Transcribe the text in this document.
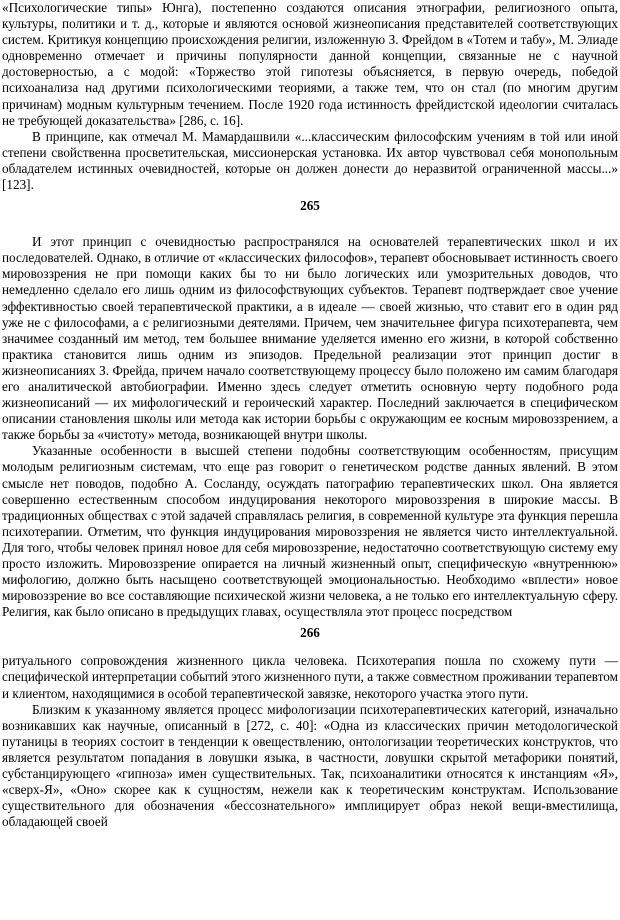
«Психологические типы» Юнга), постепенно создаются описания этнографии, религиозного опыта, культуры, политики и т. д., которые и являются основой жизнеописания представителей соответствующих систем. Критикуя концепцию происхождения религии, изложенную З. Фрейдом в «Тотем и табу», М. Элиаде одновременно отмечает и причины популярности данной концепции, связанные не с научной достоверностью, а с модой: «Торжество этой гипотезы объясняется, в первую очередь, победой психоанализа над другими психологическими теориями, а также тем, что он стал (по многим другим причинам) модным культурным течением. После 1920 года истинность фрейдистской идеологии считалась не требующей доказательства» [286, с. 16].

В принципе, как отмечал М. Мамардашвили «...классическим философским учениям в той или иной степени свойственна просветительская, миссионерская установка. Их автор чувствовал себя монопольным обладателем истинных очевидностей, которые он должен донести до неразвитой ограниченной массы...» [123].

265

И этот принцип с очевидностью распространялся на основателей терапевтических школ и их последователей. Однако, в отличие от «классических философов», терапевт обосновывает истинность своего мировоззрения не при помощи каких бы то ни было логических или умозрительных доводов, что немедленно сделало его лишь одним из философствующих субъектов. Терапевт подтверждает свое учение эффективностью своей терапевтической практики, а в идеале — своей жизнью, что ставит его в один ряд уже не с философами, а с религиозными деятелями. Причем, чем значительнее фигура психотерапевта, чем значимее созданный им метод, тем большее внимание уделяется именно его жизни, в которой собственно практика становится лишь одним из эпизодов. Предельной реализации этот принцип достиг в жизнеописаниях З. Фрейда, причем начало соответствующему процессу было положено им самим благодаря его аналитической автобиографии. Именно здесь следует отметить основную черту подобного рода жизнеописаний — их мифологический и героический характер. Последний заключается в специфическом описании становления школы или метода как истории борьбы с окружающим ее косным мировоззрением, а также борьбы за «чистоту» метода, возникающей внутри школы.

Указанные особенности в высшей степени подобны соответствующим особенностям, присущим молодым религиозным системам, что еще раз говорит о генетическом родстве данных явлений. В этом смысле нет поводов, подобно А. Сосланду, осуждать патографию терапевтических школ. Она является совершенно естественным способом индуцирования некоторого мировоззрения в широкие массы. В традиционных обществах с этой задачей справлялась религия, в современной культуре эта функция перешла психотерапии. Отметим, что функция индуцирования мировоззрения не является чисто интеллектуальной. Для того, чтобы человек принял новое для себя мировоззрение, недостаточно соответствующую систему ему просто изложить. Мировоззрение опирается на личный жизненный опыт, специфическую «внутреннюю» мифологию, должно быть насыщено соответствующей эмоциональностью. Необходимо «вплести» новое мировоззрение во все составляющие психической жизни человека, а не только его интеллектуальную сферу. Религия, как было описано в предыдущих главах, осуществляла этот процесс посредством

266

ритуального сопровождения жизненного цикла человека. Психотерапия пошла по схожему пути — специфической интерпретации событий этого жизненного пути, а также совместном проживании терапевтом и клиентом, находящимися в особой терапевтической завязке, некоторого участка этого пути.

Близким к указанному является процесс мифологизации психотерапевтических категорий, изначально возникавших как научные, описанный в [272, с. 40]: «Одна из классических причин методологической путаницы в теориях состоит в тенденции к овеществлению, онтологизации теоретических конструктов, что является результатом попадания в ловушки языка, в частности, ловушки скрытой метафорики понятий, субстанцирующего «гипноза» имен существительных. Так, психоаналитики относятся к инстанциям «Я», «сверх-Я», «Оно» скорее как к сущностям, нежели как к теоретическим конструктам. Использование существительного для обозначения «бессознательного» имплицирует образ некой вещи-вместилища, обладающей своей
